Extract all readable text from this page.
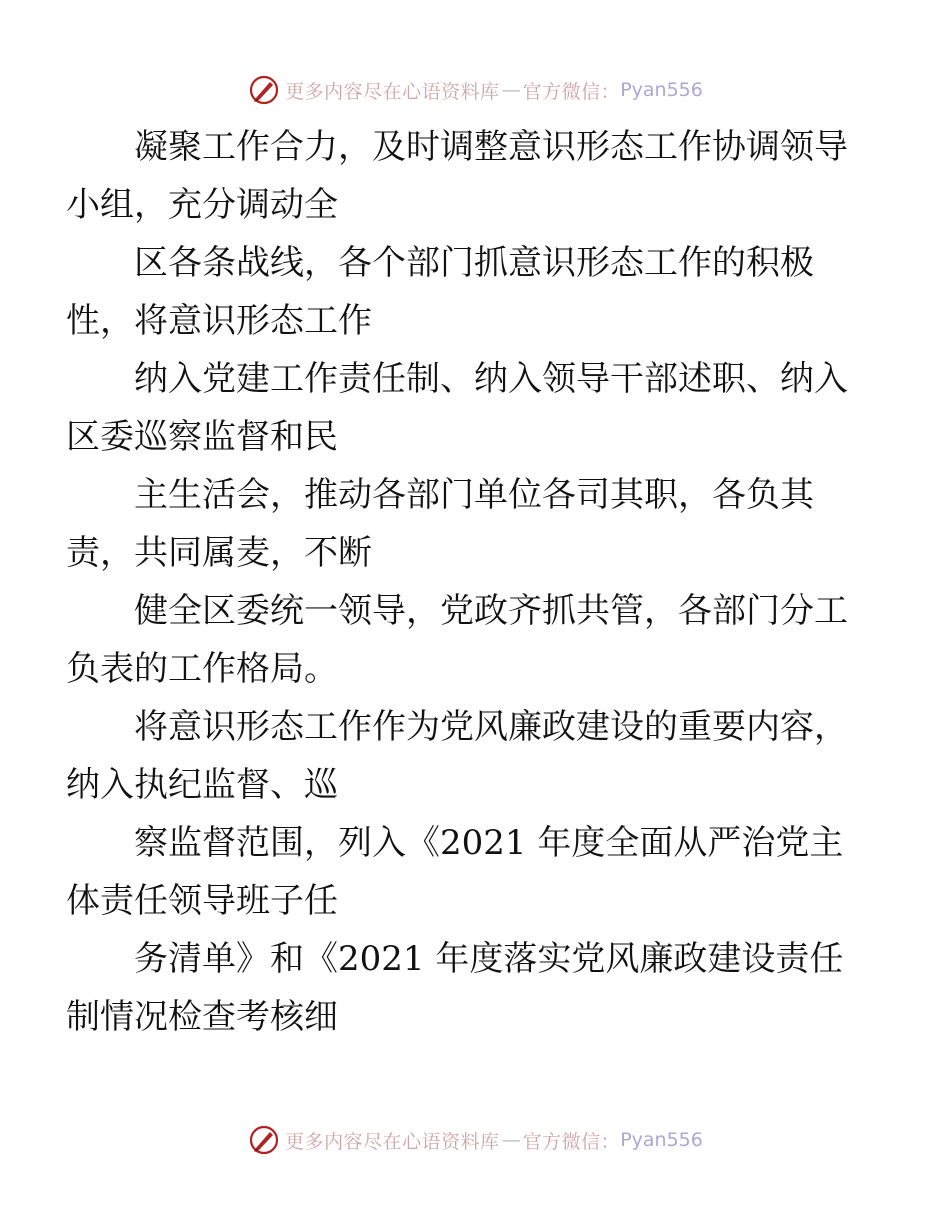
更多内容尽在心语资料库 — 官方微信： Pyan556

凝聚工作合力，及时调整意识形态工作协调领导
小组，充分调动全

区各条战线，各个部门抓意识形态工作的积极
性，将意识形态工作

纳入党建工作责任制、纳入领导干部述职、纳入
区委巡察监督和民

主生活会，推动各部门单位各司其职，各负其
责，共同属麦，不断

健全区委统一领导，党政齐抓共管，各部门分工
负表的工作格局。

将意识形态工作作为党风廉政建设的重要内容，
纳入执纪监督、巡

察监督范围，列入《2021 年度全面从严治党主
体责任领导班子任

务清单》和《2021 年度落实党风廉政建设责任
制情况检查考核细

更多内容尽在心语资料库 — 官方微信： Pyan556
